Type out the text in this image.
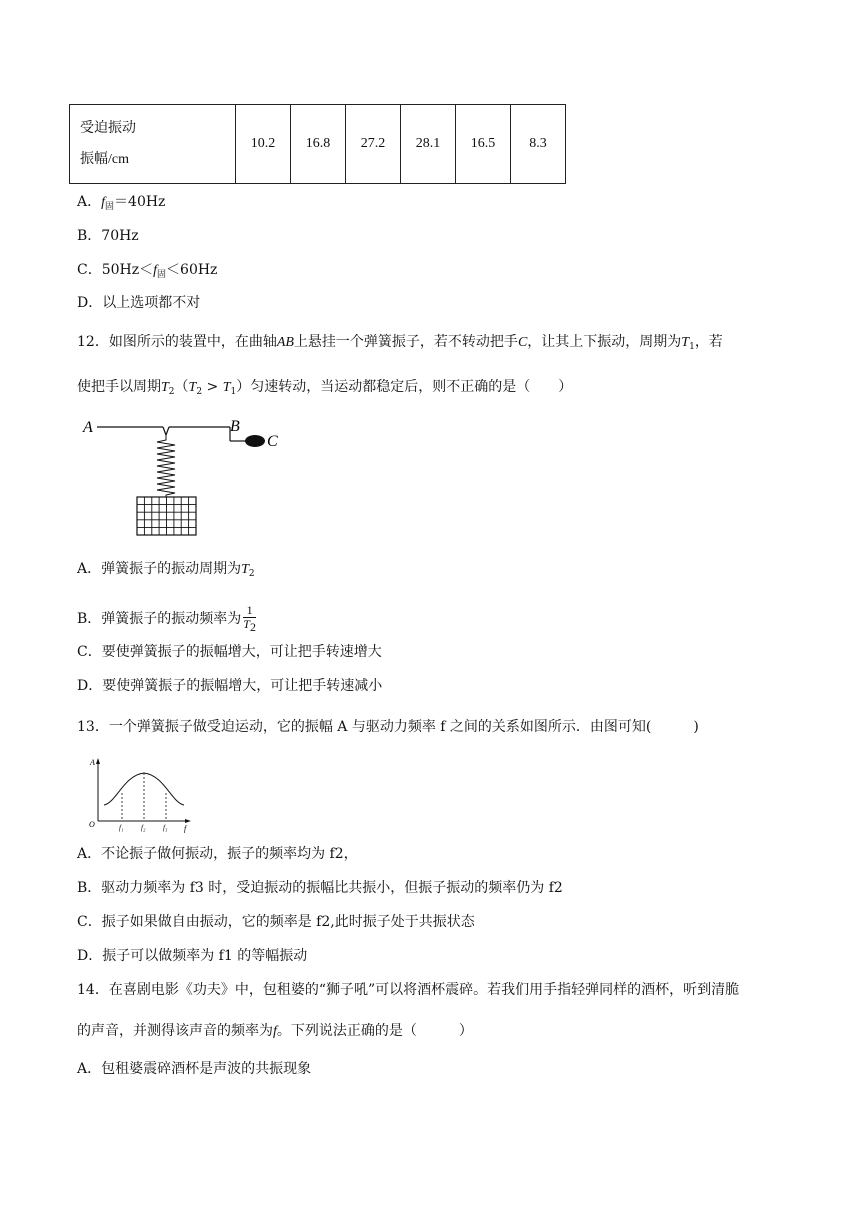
受迫振动
振幅/cm
	10.2	16.8	27.2	28.1	16.5	8.3
A．$f_固=40Hz$
B．70Hz
C．$50Hz<f_固<60Hz$
D．以上选项都不对
12．如图所示的装置中，在曲轴AB上悬挂一个弹簧振子，若不转动把手C，让其上下振动，周期为$T_1$，若
使把手以周期$T_2(T_2 > T_1)$匀速转动，当运动都稳定后，则不正确的是（　　）
A	B
C
A．弹簧振子的振动周期为$T_2$
B．弹簧振子的振动频率为 $\frac{1}{T2}$
C．要使弹簧振子的振幅增大，可让把手转速增大
D．要使弹簧振子的振幅增大，可让把手转速减小
13．一个弹簧振子做受迫运动，它的振幅 A 与驱动力频率 f 之间的关系如图所示．由图可知(　　　)
A
O	f
f₁	f₂	f₃
A．不论振子做何振动，振子的频率均为 f2，
B．驱动力频率为 f3 时，受迫振动的振幅比共振小，但振子振动的频率仍为 f2
C．振子如果做自由振动，它的频率是 f2,此时振子处于共振状态
D．振子可以做频率为 f1 的等幅振动
14．在喜剧电影《功夫》中，包租婆的“狮子吼”可以将酒杯震碎。若我们用手指轻弹同样的酒杯，听到清脆
的声音，并测得该声音的频率为f。下列说法正确的是（　　　）
A．包租婆震碎酒杯是声波的共振现象
